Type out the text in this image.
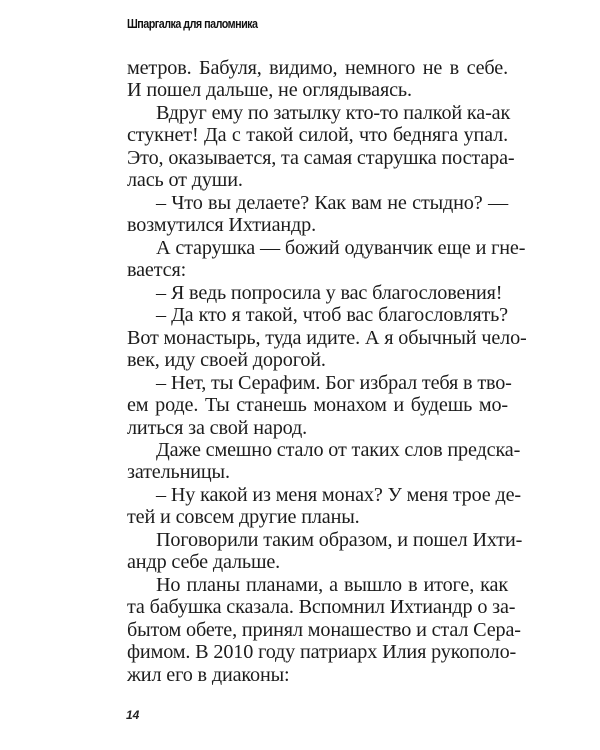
Шпаргалка для паломника
метров. Бабуля, видимо, немного не в себе.
И пошел дальше, не оглядываясь.
Вдруг ему по затылку кто-то палкой ка-ак
стукнет! Да с такой силой, что бедняга упал.
Это, оказывается, та самая старушка постара-
лась от души.
– Что вы делаете? Как вам не стыдно? —
возмутился Ихтиандр.
А старушка — божий одуванчик еще и гне-
вается:
– Я ведь попросила у вас благословения!
– Да кто я такой, чтоб вас благословлять?
Вот монастырь, туда идите. А я обычный чело-
век, иду своей дорогой.
– Нет, ты Серафим. Бог избрал тебя в тво-
ем роде. Ты станешь монахом и будешь мо-
литься за свой народ.
Даже смешно стало от таких слов предска-
зательницы.
– Ну какой из меня монах? У меня трое де-
тей и совсем другие планы.
Поговорили таким образом, и пошел Ихти-
андр себе дальше.
Но планы планами, а вышло в итоге, как
та бабушка сказала. Вспомнил Ихтиандр о за-
бытом обете, принял монашество и стал Сера-
фимом. В 2010 году патриарх Илия рукополо-
жил его в диаконы:
14
